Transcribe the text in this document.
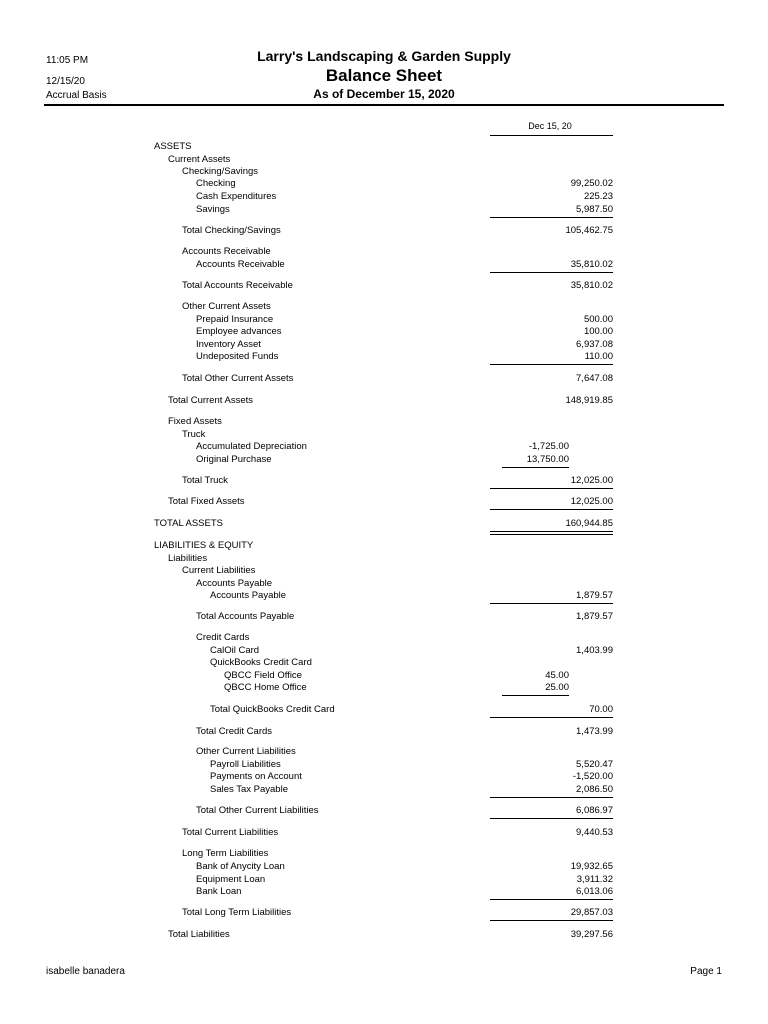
11:05 PM
12/15/20
Accrual Basis
Larry's Landscaping & Garden Supply
Balance Sheet
As of December 15, 2020
Dec 15, 20
ASSETS
Current Assets
Checking/Savings
Checking	99,250.02
Cash Expenditures	225.23
Savings	5,987.50
Total Checking/Savings	105,462.75
Accounts Receivable
Accounts Receivable	35,810.02
Total Accounts Receivable	35,810.02
Other Current Assets
Prepaid Insurance	500.00
Employee advances	100.00
Inventory Asset	6,937.08
Undeposited Funds	110.00
Total Other Current Assets	7,647.08
Total Current Assets	148,919.85
Fixed Assets
Truck
Accumulated Depreciation	-1,725.00
Original Purchase	13,750.00
Total Truck	12,025.00
Total Fixed Assets	12,025.00
TOTAL ASSETS	160,944.85
LIABILITIES & EQUITY
Liabilities
Current Liabilities
Accounts Payable
Accounts Payable	1,879.57
Total Accounts Payable	1,879.57
Credit Cards
CalOil Card	1,403.99
QuickBooks Credit Card
QBCC Field Office	45.00
QBCC Home Office	25.00
Total QuickBooks Credit Card	70.00
Total Credit Cards	1,473.99
Other Current Liabilities
Payroll Liabilities	5,520.47
Payments on Account	-1,520.00
Sales Tax Payable	2,086.50
Total Other Current Liabilities	6,086.97
Total Current Liabilities	9,440.53
Long Term Liabilities
Bank of Anycity Loan	19,932.65
Equipment Loan	3,911.32
Bank Loan	6,013.06
Total Long Term Liabilities	29,857.03
Total Liabilities	39,297.56
isabelle banadera	Page 1
